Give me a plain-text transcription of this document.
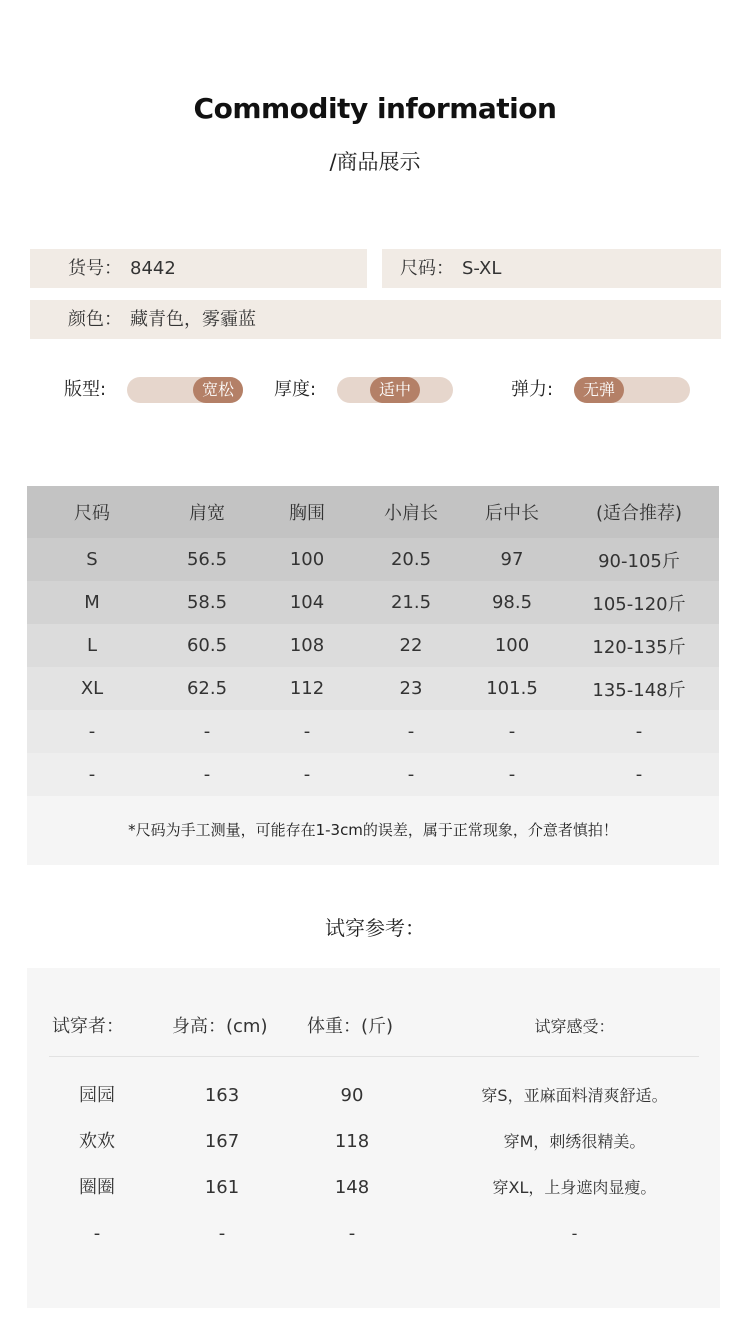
Commodity information
/商品展示
货号： 8442	尺码： S-XL
颜色： 藏青色，雾霾蓝
版型:	宽松	厚度:	适中	弹力:	无弹
尺码	肩宽	胸围	小肩长	后中长	(适合推荐)
S	56.5	100	20.5	97	90-105斤
M	58.5	104	21.5	98.5	105-120斤
L	60.5	108	22	100	120-135斤
XL	62.5	112	23	101.5	135-148斤
-	-	-	-	-	-
-	-	-	-	-	-
*尺码为手工测量，可能存在1-3cm的误差，属于正常现象，介意者慎拍！
试穿参考：
试穿者：	身高：(cm) 体重：(斤)	试穿感受：
园园	163	90	穿S，亚麻面料清爽舒适。
欢欢	167	118	穿M，刺绣很精美。
圈圈	161	148	穿XL，上身遮肉显瘦。
-	-	-	-
